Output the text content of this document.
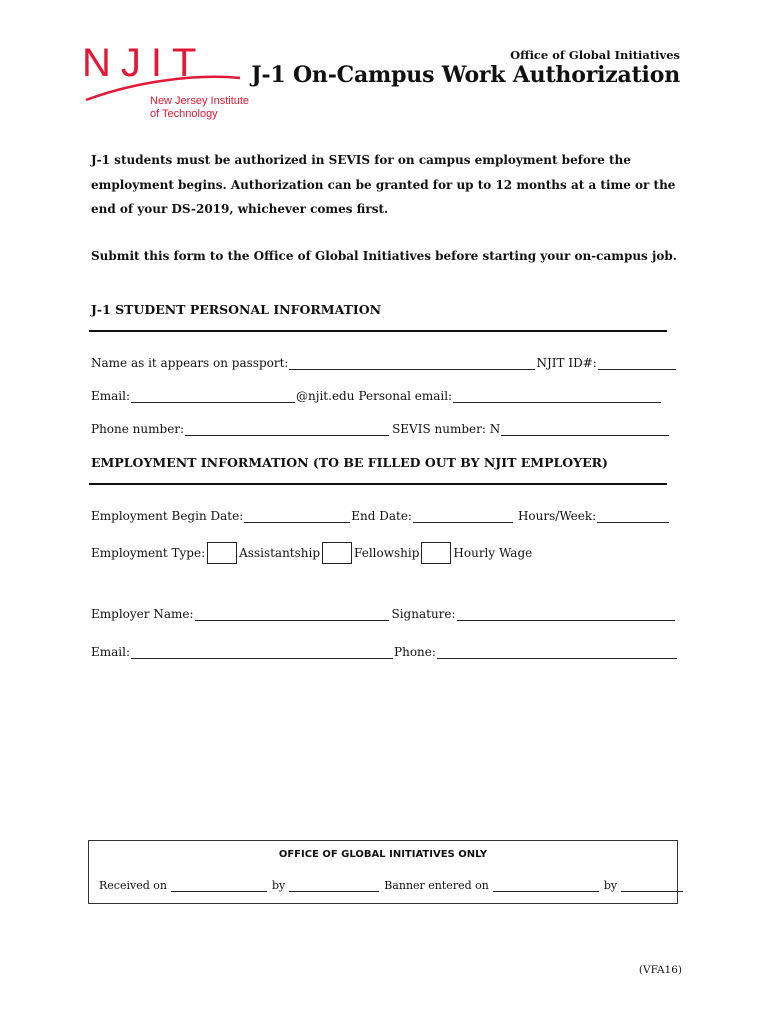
NJIT
New Jersey Institute
of Technology
Office of Global Initiatives
J-1 On-Campus Work Authorization
J-1 students must be authorized in SEVIS for on campus employment before the employment begins. Authorization can be granted for up to 12 months at a time or the end of your DS-2019, whichever comes first.
Submit this form to the Office of Global Initiatives before starting your on-campus job.
J-1 STUDENT PERSONAL INFORMATION
Name as it appears on passport:	NJIT ID#:
Email:	@njit.edu Personal email:
Phone number:	SEVIS number: N
EMPLOYMENT INFORMATION (TO BE FILLED OUT BY NJIT EMPLOYER)
Employment Begin Date:	End Date:	Hours/Week:
Employment Type:	Assistantship	Fellowship	Hourly Wage
Employer Name:	Signature:
Email:	Phone:
OFFICE OF GLOBAL INITIATIVES ONLY
Received on	by	Banner entered on	by
(VFA16)
